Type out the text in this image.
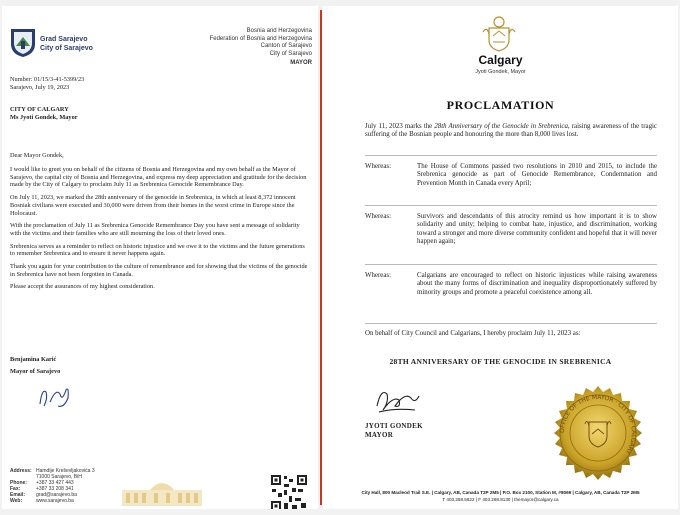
Grad Sarajevo
City of Sarajevo
Bosnia and Herzegovina
Federation of Bosnia and Herzegovina
Canton of Sarajevo
City of Sarajevo
MAYOR
Number: 01/15/3-41-5399/23
Sarajevo, July 19, 2023
CITY OF CALGARY
Ms Jyoti Gondek, Mayor
Dear Mayor Gondek,

I would like to greet you on behalf of the citizens of Bosnia and Herzegovina and my own behalf as the Mayor of Sarajevo, the capital city of Bosnia and Herzegovina, and express my deep appreciation and gratitude for the decision made by the City of Calgary to proclaim July 11 as Srebrenica Genocide Remembrance Day.

On July 11, 2023, we marked the 28th anniversary of the genocide in Srebrenica, in which at least 8,372 innocent Bosniak civilians were executed and 30,000 were driven from their homes in the worst crime in Europe since the Holocaust.

With the proclamation of July 11 as Srebrenica Genocide Remembrance Day you have sent a message of solidarity with the victims and their families who are still mourning the loss of their loved ones.

Srebrenica serves as a reminder to reflect on historic injustice and we owe it to the victims and the future generations to remember Srebrenica and to ensure it never happens again.

Thank you again for your contribution to the culture of remembrance and for showing that the victims of the genocide in Srebrenica have not been forgotten in Canada.

Please accept the assurances of my highest consideration.

Benjamina Karić
Mayor of Sarajevo
Address: Hamdije Kreševljakovića 3
71000 Sarajevo, BiH
Phone: +387 33 427 443
Fax:	+387 33 208 341
Email: grad@sarajevo.ba
Web:	www.sarajevo.ba
Calgary
Jyoti Gondek, Mayor
PROCLAMATION
July 11, 2023 marks the 28th Anniversary of the Genocide in Srebrenica, raising awareness of the tragic suffering of the Bosnian people and honouring the more than 8,000 lives lost.
Whereas:	The House of Commons passed two resolutions in 2010 and 2015, to include the Srebrenica genocide as part of Genocide Remembrance, Condemnation and Prevention Month in Canada every April;
Whereas:	Survivors and descendants of this atrocity remind us how important it is to show solidarity and unity; helping to combat hate, injustice, and discrimination, working toward a stronger and more diverse community confident and hopeful that it will never happen again;
Whereas:	Calgarians are encouraged to reflect on historic injustices while raising awareness about the many forms of discrimination and inequality disproportionately suffered by minority groups and promote a peaceful coexistence among all.
On behalf of City Council and Calgarians, I hereby proclaim July 11, 2023 as:
28TH ANNIVERSARY OF THE GENOCIDE IN SREBRENICA
JYOTI GONDEK
MAYOR
OFFICE OF THE MAYOR · CITY OF CALGARY
City Hall, 800 Macleod Trail S.E. | Calgary, AB, Canada T2P 2M5 | P.O. Box 2100, Station M, #8069 | Calgary, AB, Canada T2P 2M5
T 403.268.5622 | F 403.268.8130 | themayor@calgary.ca
